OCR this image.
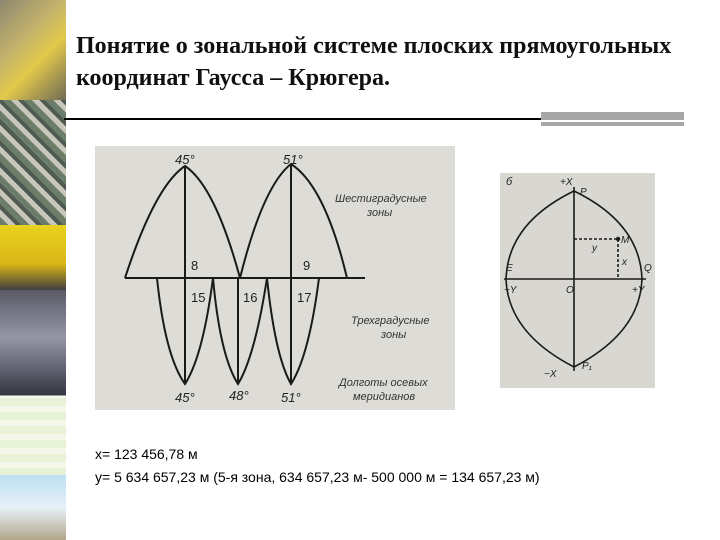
Понятие о зональной системе плоских прямоугольных координат Гаусса – Крюгера.
45°	51°
Шестиградусные
зоны
8	9
15	16	17
Трехградусные
зоны
45°	48° 51°
Долготы осевых
меридианов
б	+X
P
y
M
x
E
−Y	O
Q
+Y
−X
P₁
x= 123 456,78 м
y= 5 634 657,23 м (5-я зона, 634 657,23 м- 500 000 м = 134 657,23 м)
